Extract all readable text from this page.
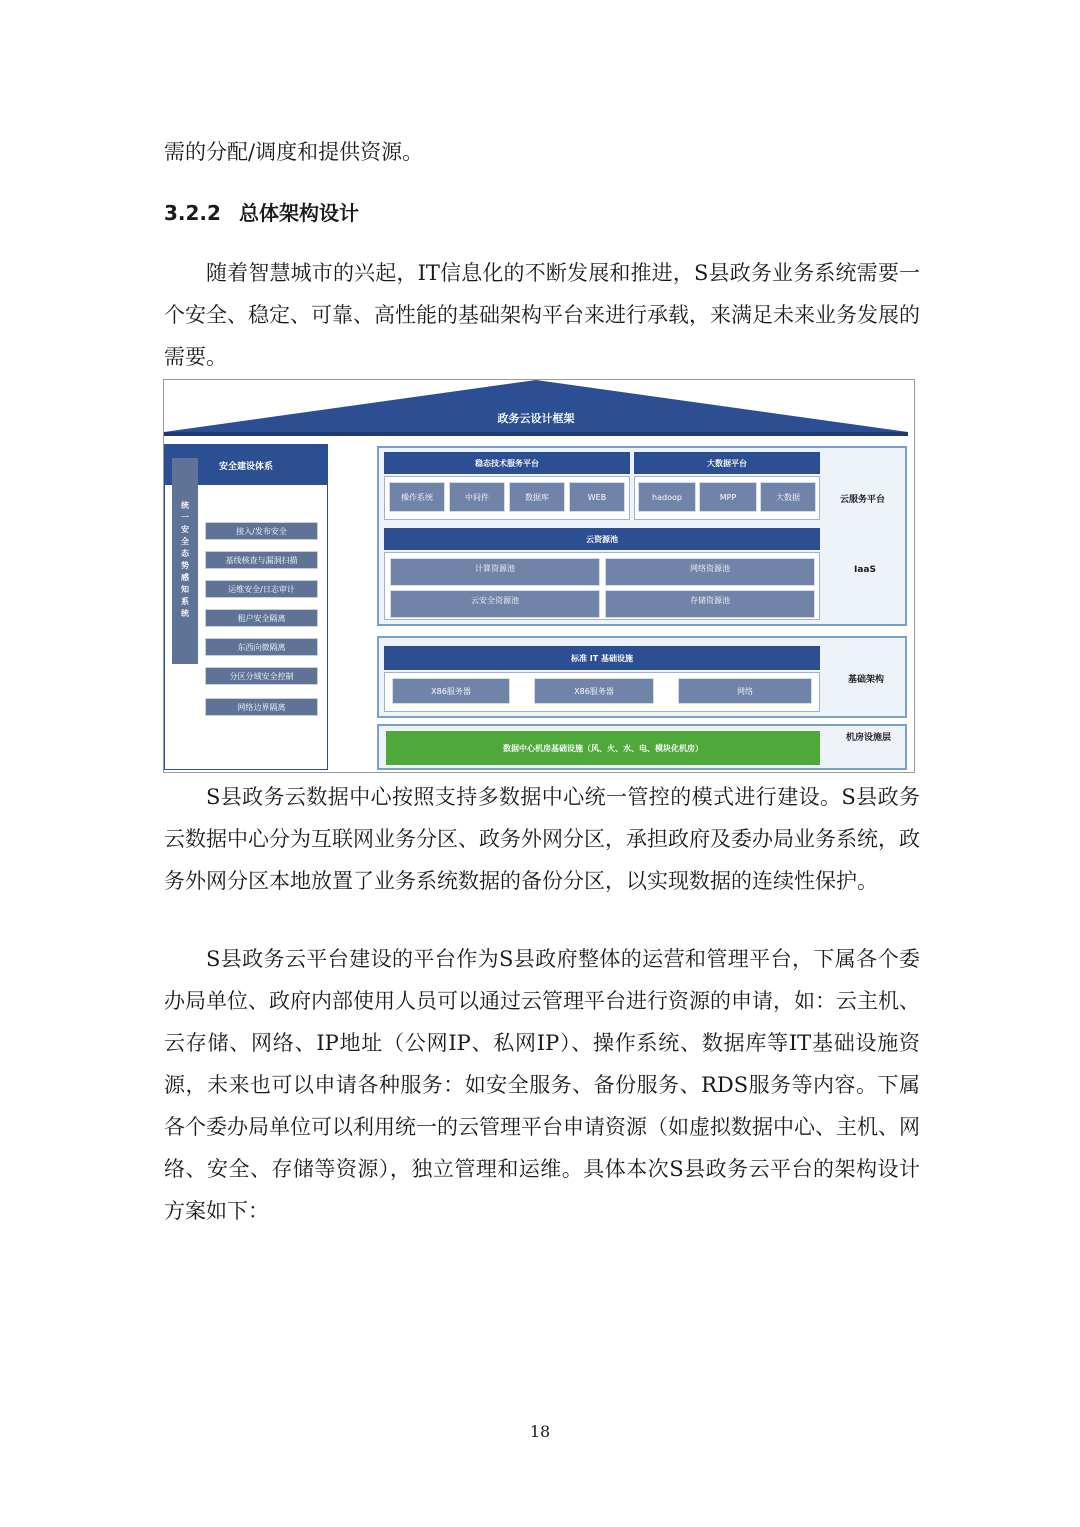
需的分配/调度和提供资源。

3.2.2 总体架构设计

随着智慧城市的兴起，IT信息化的不断发展和推进，S县政务业务系统需要一个安全、稳定、可靠、高性能的基础架构平台来进行承载，来满足未来业务发展的需要。

政务云设计框架
安全建设体系
统一安全态势感知系统	接入/发布安全
基线核查与漏洞扫描
运维安全/日志审计
租户安全隔离
东西向微隔离
分区分域安全控制
网络边界隔离
云服务平台
IaaS
稳态技术服务平台
操作系统	中间件	数据库	WEB
大数据平台
hadoop	MPP	大数据
云资源池
计算资源池	网络资源池
云安全资源池	存储资源池
基础架构
标准 IT 基础设施
X86服务器	X86服务器	网络
机房设施层
数据中心机房基础设施（风、火、水、电、模块化机房）

S县政务云数据中心按照支持多数据中心统一管控的模式进行建设。S县政务云数据中心分为互联网业务分区、政务外网分区，承担政府及委办局业务系统，政务外网分区本地放置了业务系统数据的备份分区，以实现数据的连续性保护。

S县政务云平台建设的平台作为S县政府整体的运营和管理平台，下属各个委办局单位、政府内部使用人员可以通过云管理平台进行资源的申请，如：云主机、云存储、网络、IP地址（公网IP、私网IP）、操作系统、数据库等IT基础设施资源，未来也可以申请各种服务：如安全服务、备份服务、RDS服务等内容。下属各个委办局单位可以利用统一的云管理平台申请资源（如虚拟数据中心、主机、网络、安全、存储等资源），独立管理和运维。具体本次S县政务云平台的架构设计方案如下：

18
